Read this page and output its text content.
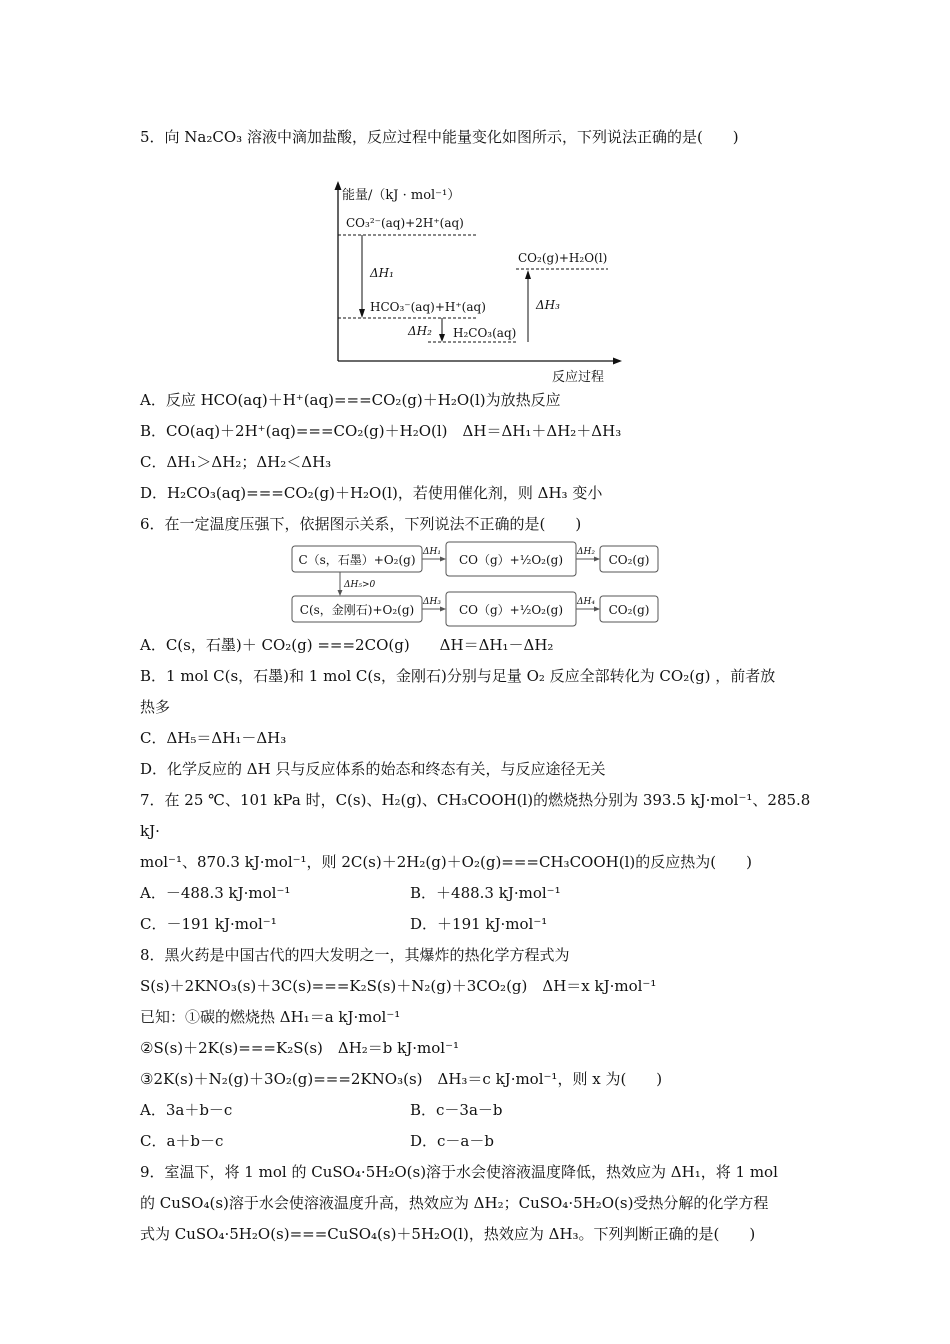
5．向 Na₂CO₃ 溶液中滴加盐酸，反应过程中能量变化如图所示，下列说法正确的是(　　)
能量/（kJ · mol⁻¹）
反应过程
CO₃²⁻(aq)+2H⁺(aq)
HCO₃⁻(aq)+H⁺(aq)
ΔH₁
H₂CO₃(aq)
ΔH₂
CO₂(g)+H₂O(l)
ΔH₃
A．反应 HCO(aq)＋H⁺(aq)===CO₂(g)＋H₂O(l)为放热反应
B．CO(aq)＋2H⁺(aq)===CO₂(g)＋H₂O(l)　ΔH＝ΔH₁＋ΔH₂＋ΔH₃
C．ΔH₁＞ΔH₂；ΔH₂＜ΔH₃
D．H₂CO₃(aq)===CO₂(g)＋H₂O(l)，若使用催化剂，则 ΔH₃ 变小
6．在一定温度压强下，依据图示关系，下列说法不正确的是(　　)
C（s，石墨）+O₂(g)
ΔH₁
CO（g）+½O₂(g)
ΔH₂
CO₂(g)
ΔH₅>0
C(s，金刚石)+O₂(g)
ΔH₃
CO（g）+½O₂(g)
ΔH₄
CO₂(g)
A．C(s，石墨)＋ CO₂(g) ===2CO(g)　　ΔH＝ΔH₁－ΔH₂
B．1 mol C(s，石墨)和 1 mol C(s，金刚石)分别与足量 O₂ 反应全部转化为 CO₂(g) ，前者放
热多
C．ΔH₅＝ΔH₁－ΔH₃
D．化学反应的 ΔH 只与反应体系的始态和终态有关，与反应途径无关
7．在 25 ℃、101 kPa 时，C(s)、H₂(g)、CH₃COOH(l)的燃烧热分别为 393.5 kJ·mol⁻¹、285.8
kJ·
mol⁻¹、870.3 kJ·mol⁻¹，则 2C(s)＋2H₂(g)＋O₂(g)===CH₃COOH(l)的反应热为(　　)
A．－488.3 kJ·mol⁻¹	B．＋488.3 kJ·mol⁻¹
C．－191 kJ·mol⁻¹	D．＋191 kJ·mol⁻¹
8．黑火药是中国古代的四大发明之一，其爆炸的热化学方程式为
S(s)＋2KNO₃(s)＋3C(s)===K₂S(s)＋N₂(g)＋3CO₂(g)　ΔH＝x kJ·mol⁻¹
已知：①碳的燃烧热 ΔH₁＝a kJ·mol⁻¹
②S(s)＋2K(s)===K₂S(s)　ΔH₂＝b kJ·mol⁻¹
③2K(s)＋N₂(g)＋3O₂(g)===2KNO₃(s)　ΔH₃＝c kJ·mol⁻¹，则 x 为(　　)
A．3a＋b－c	B．c－3a－b
C．a＋b－c	D．c－a－b
9．室温下，将 1 mol 的 CuSO₄·5H₂O(s)溶于水会使溶液温度降低，热效应为 ΔH₁，将 1 mol
的 CuSO₄(s)溶于水会使溶液温度升高，热效应为 ΔH₂；CuSO₄·5H₂O(s)受热分解的化学方程
式为 CuSO₄·5H₂O(s)===CuSO₄(s)＋5H₂O(l)，热效应为 ΔH₃。下列判断正确的是(　　)
